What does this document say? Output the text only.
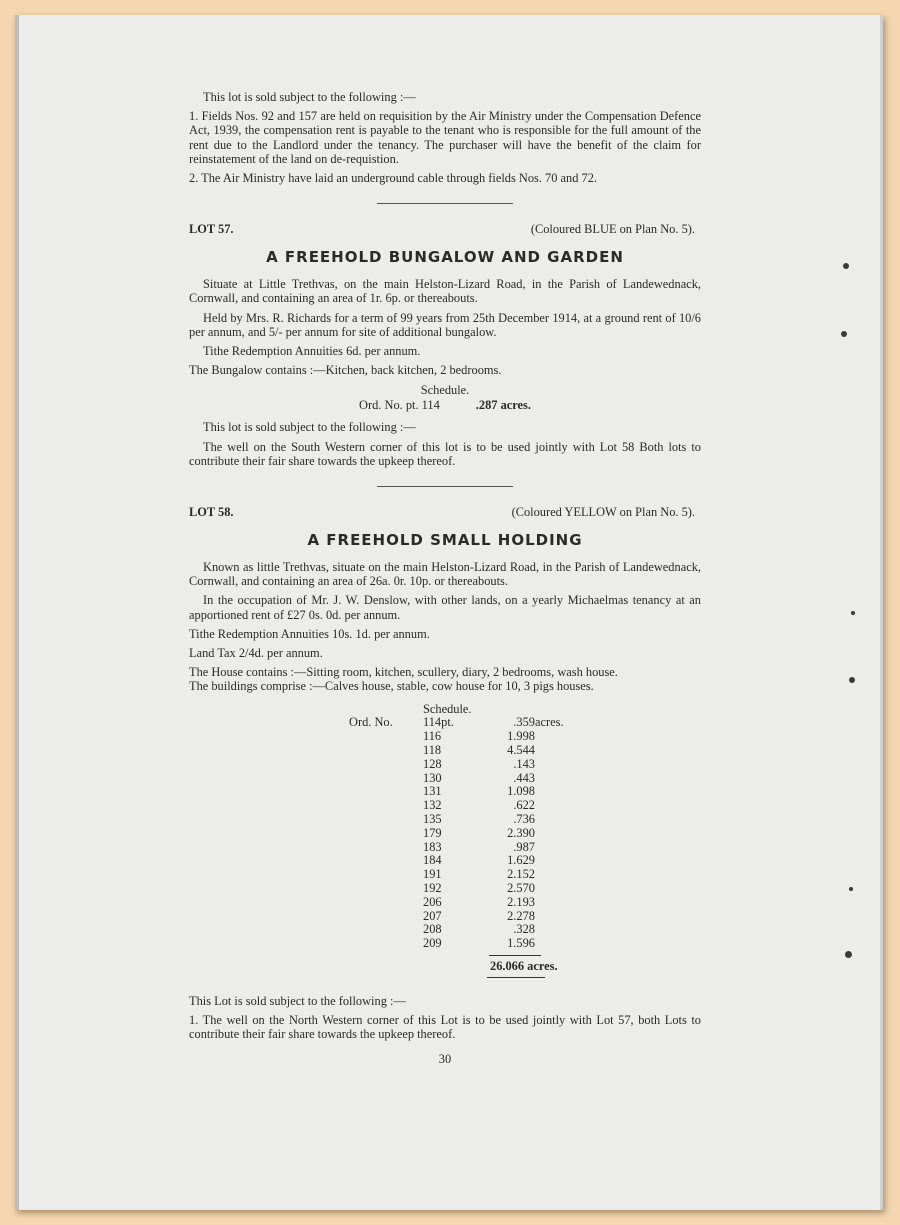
This lot is sold subject to the following :—

1. Fields Nos. 92 and 157 are held on requisition by the Air Ministry under the Compensation Defence Act, 1939, the compensation rent is payable to the tenant who is responsible for the full amount of the rent due to the Landlord under the tenancy. The purchaser will have the benefit of the claim for reinstatement of the land on de-requistion.

2. The Air Ministry have laid an underground cable through fields Nos. 70 and 72.

LOT 57.	(Coloured BLUE on Plan No. 5).

A FREEHOLD BUNGALOW AND GARDEN

Situate at Little Trethvas, on the main Helston-Lizard Road, in the Parish of Landewednack, Cornwall, and containing an area of 1r. 6p. or thereabouts.

Held by Mrs. R. Richards for a term of 99 years from 25th December 1914, at a ground rent of 10/6 per annum, and 5/- per annum for site of additional bungalow.

Tithe Redemption Annuities 6d. per annum.

The Bungalow contains :—Kitchen, back kitchen, 2 bedrooms.

Schedule.

Ord. No. pt. 114	.287 acres.

This lot is sold subject to the following :—

The well on the South Western corner of this lot is to be used jointly with Lot 58 Both lots to contribute their fair share towards the upkeep thereof.

LOT 58.	(Coloured YELLOW on Plan No. 5).

A FREEHOLD SMALL HOLDING

Known as little Trethvas, situate on the main Helston-Lizard Road, in the Parish of Landewednack, Cornwall, and containing an area of 26a. 0r. 10p. or thereabouts.

In the occupation of Mr. J. W. Denslow, with other lands, on a yearly Michaelmas tenancy at an apportioned rent of £27 0s. 0d. per annum.

Tithe Redemption Annuities 10s. 1d. per annum.

Land Tax 2/4d. per annum.

The House contains :—Sitting room, kitchen, scullery, diary, 2 bedrooms, wash house.

The buildings comprise :—Calves house, stable, cow house for 10, 3 pigs houses.

	Schedule.		
Ord. No.	114pt.	.359	acres.
	116	1.998	
	118	4.544	
	128	.143	
	130	.443	
	131	1.098	
	132	.622	
	135	.736	
	179	2.390	
	183	.987	
	184	1.629	
	191	2.152	
	192	2.570	
	206	2.193	
	207	2.278	
	208	.328	
	209	1.596	
26.066 acres.

This Lot is sold subject to the following :—

1. The well on the North Western corner of this Lot is to be used jointly with Lot 57, both Lots to contribute their fair share towards the upkeep thereof.

30
